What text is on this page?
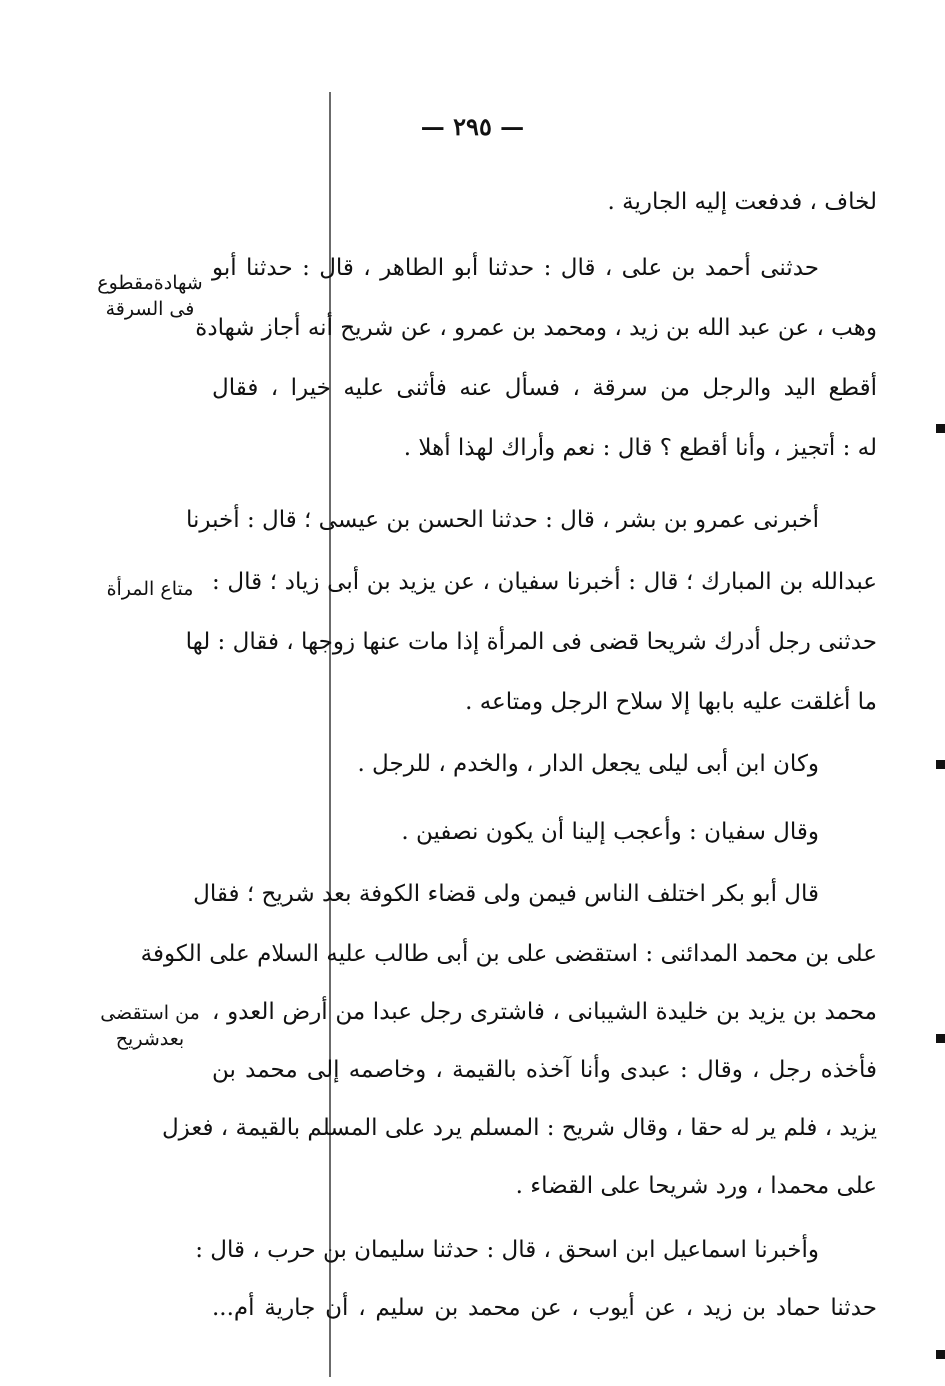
— ٢٩٥ —
شهادةمقطوع
فى السرقة
متاع المرأة
من استقضى
بعدشريح
لخاف ، فدفعت إليه الجارية .
حدثنى أحمد بن على ، قال : حدثنا أبو الطاهر ، قال : حدثنا أبو
وهب ، عن عبد الله بن زيد ، ومحمد بن عمرو ، عن شريح أنه أجاز شهادة
أقطع اليد والرجل من سرقة ، فسأل عنه فأثنى عليه خيرا ، فقال
له : أتجيز ، وأنا أقطع ؟ قال : نعم وأراك لهذا أهلا .
أخبرنى عمرو بن بشر ، قال : حدثنا الحسن بن عيسى ؛ قال : أخبرنا
عبدالله بن المبارك ؛ قال : أخبرنا سفيان ، عن يزيد بن أبى زياد ؛ قال :
حدثنى رجل أدرك شريحا قضى فى المرأة إذا مات عنها زوجها ، فقال : لها
ما أغلقت عليه بابها إلا سلاح الرجل ومتاعه .
وكان ابن أبى ليلى يجعل الدار ، والخدم ، للرجل .
وقال سفيان : وأعجب إلينا أن يكون نصفين .
قال أبو بكر اختلف الناس فيمن ولى قضاء الكوفة بعد شريح ؛ فقال
على بن محمد المدائنى : استقضى على بن أبى طالب عليه السلام على الكوفة
محمد بن يزيد بن خليدة الشيبانى ، فاشترى رجل عبدا من أرض العدو ،
فأخذه رجل ، وقال : عبدى وأنا آخذه بالقيمة ، وخاصمه إلى محمد بن
يزيد ، فلم ير له حقا ، وقال شريح : المسلم يرد على المسلم بالقيمة ، فعزل
على محمدا ، ورد شريحا على القضاء .
وأخبرنا اسماعيل ابن اسحق ، قال : حدثنا سليمان بن حرب ، قال :
حدثنا حماد بن زيد ، عن أيوب ، عن محمد بن سليم ، أن جارية أم...
